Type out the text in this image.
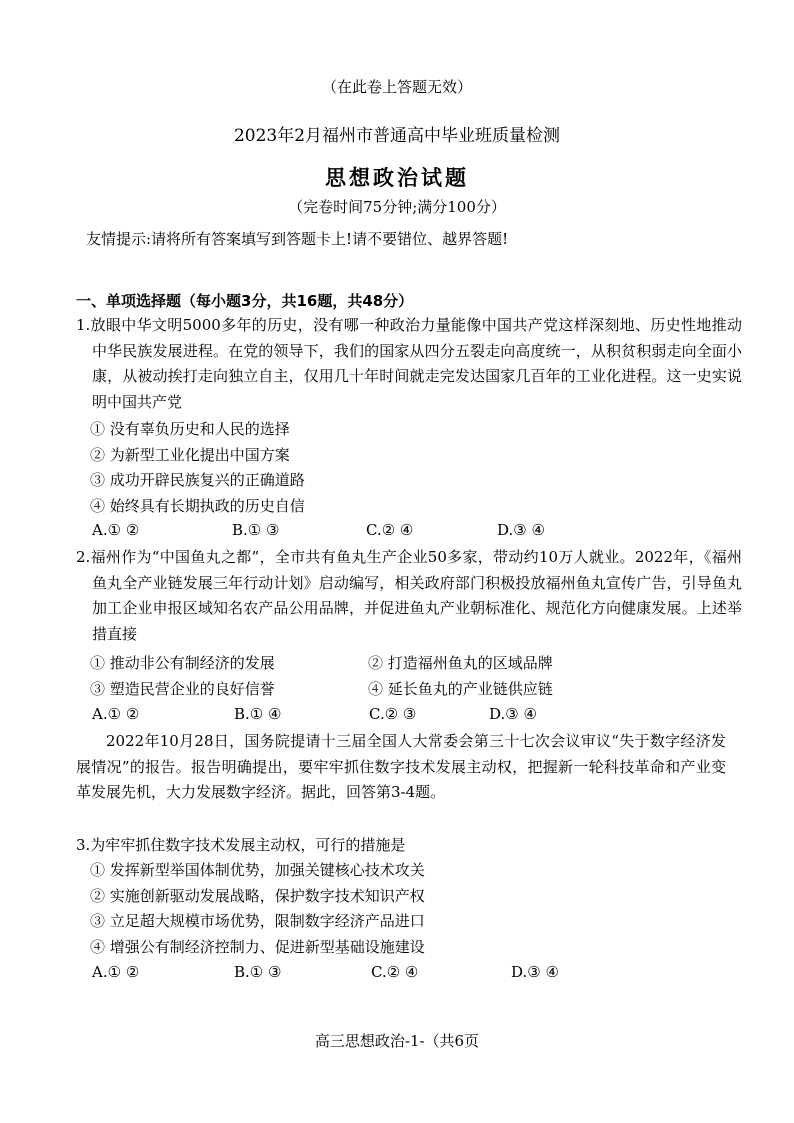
（在此卷上答题无效）
2023年2月福州市普通高中毕业班质量检测
思想政治试题
（完卷时间75分钟;满分100分）
友情提示:请将所有答案填写到答题卡上!请不要错位、越界答题!
一、单项选择题（每小题3分，共16题，共48分）
1.放眼中华文明5000多年的历史，没有哪一种政治力量能像中国共产党这样深刻地、历史性地推动中华民族发展进程。在党的领导下，我们的国家从四分五裂走向高度统一，从积贫积弱走向全面小康，从被动挨打走向独立自主，仅用几十年时间就走完发达国家几百年的工业化进程。这一史实说明中国共产党
① 没有辜负历史和人民的选择
② 为新型工业化提出中国方案
③ 成功开辟民族复兴的正确道路
④ 始终具有长期执政的历史自信
A.① ②	B.① ③	C.② ④	D.③ ④
2.福州作为“中国鱼丸之都”，全市共有鱼丸生产企业50多家，带动约10万人就业。2022年，《福州鱼丸全产业链发展三年行动计划》启动编写，相关政府部门积极投放福州鱼丸宣传广告，引导鱼丸加工企业申报区域知名农产品公用品牌，并促进鱼丸产业朝标准化、规范化方向健康发展。上述举措直接
① 推动非公有制经济的发展	② 打造福州鱼丸的区域品牌
③ 塑造民营企业的良好信誉	④ 延长鱼丸的产业链供应链
A.① ②	B.① ④	C.② ③	D.③ ④
2022年10月28日，国务院提请十三届全国人大常委会第三十七次会议审议“失于数字经济发展情况”的报告。报告明确提出，要牢牢抓住数字技术发展主动权，把握新一轮科技革命和产业变革发展先机，大力发展数字经济。据此，回答第3-4题。
3.为牢牢抓住数字技术发展主动权，可行的措施是
① 发挥新型举国体制优势，加强关键核心技术攻关
② 实施创新驱动发展战略，保护数字技术知识产权
③ 立足超大规模市场优势，限制数字经济产品进口
④ 增强公有制经济控制力、促进新型基础设施建设
A.① ②	B.① ③	C.② ④	D.③ ④
高三思想政治-1-（共6页
